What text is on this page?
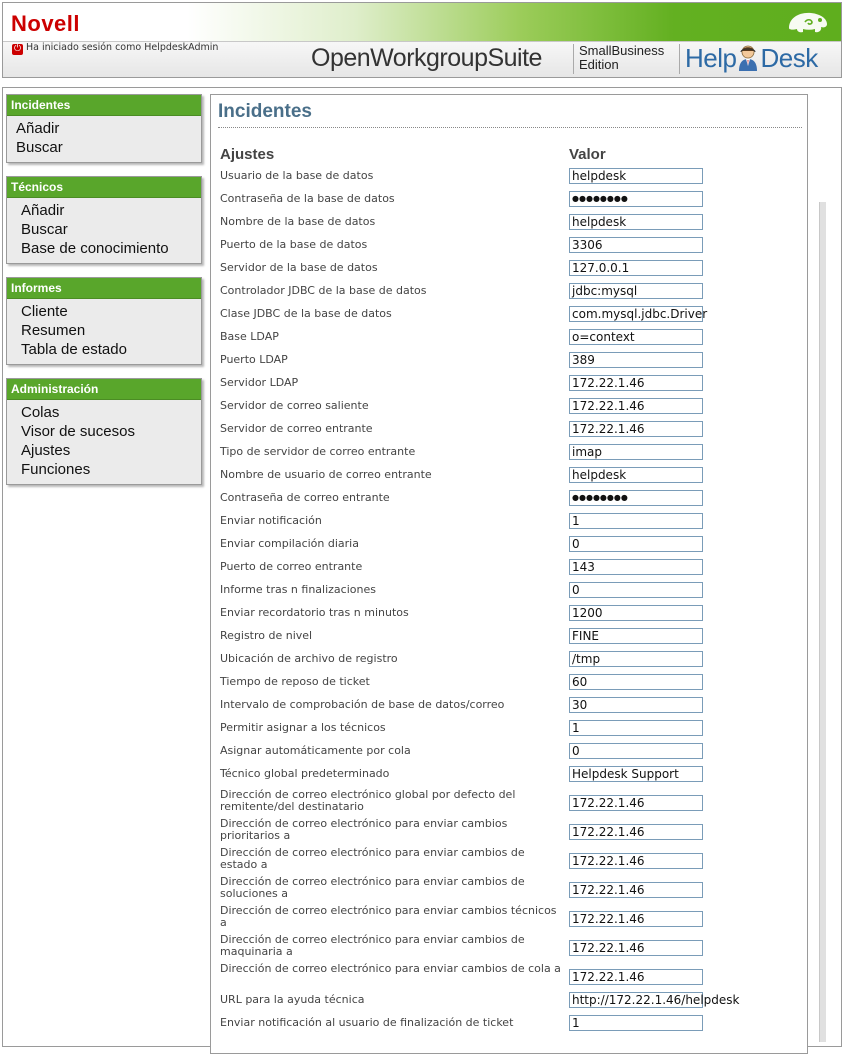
Novell
⏻ Ha iniciado sesión como HelpdeskAdmin	OpenWorkgroupSuite	SmallBusiness
Edition	Help Desk
Incidentes
Añadir
Buscar
Técnicos
Añadir
Buscar
Base de conocimiento
Informes
Cliente
Resumen
Tabla de estado
Administración
Colas
Visor de sucesos
Ajustes
Funciones
Incidentes
Ajustes	Valor
Usuario de la base de datos	helpdesk
Contraseña de la base de datos	●●●●●●●●
Nombre de la base de datos	helpdesk
Puerto de la base de datos	3306
Servidor de la base de datos	127.0.0.1
Controlador JDBC de la base de datos	jdbc:mysql
Clase JDBC de la base de datos	com.mysql.jdbc.Driver
Base LDAP	o=context
Puerto LDAP	389
Servidor LDAP	172.22.1.46
Servidor de correo saliente	172.22.1.46
Servidor de correo entrante	172.22.1.46
Tipo de servidor de correo entrante	imap
Nombre de usuario de correo entrante	helpdesk
Contraseña de correo entrante	●●●●●●●●
Enviar notificación	1
Enviar compilación diaria	0
Puerto de correo entrante	143
Informe tras n finalizaciones	0
Enviar recordatorio tras n minutos	1200
Registro de nivel	FINE
Ubicación de archivo de registro	/tmp
Tiempo de reposo de ticket	60
Intervalo de comprobación de base de datos/correo	30
Permitir asignar a los técnicos	1
Asignar automáticamente por cola	0
Técnico global predeterminado	Helpdesk Support
Dirección de correo electrónico global por defecto del remitente/del destinatario	172.22.1.46
Dirección de correo electrónico para enviar cambios prioritarios a	172.22.1.46
Dirección de correo electrónico para enviar cambios de estado a	172.22.1.46
Dirección de correo electrónico para enviar cambios de soluciones a	172.22.1.46
Dirección de correo electrónico para enviar cambios técnicos a	172.22.1.46
Dirección de correo electrónico para enviar cambios de maquinaria a	172.22.1.46
Dirección de correo electrónico para enviar cambios de cola a
172.22.1.46
URL para la ayuda técnica	http://172.22.1.46/helpdesk
Enviar notificación al usuario de finalización de ticket	1
